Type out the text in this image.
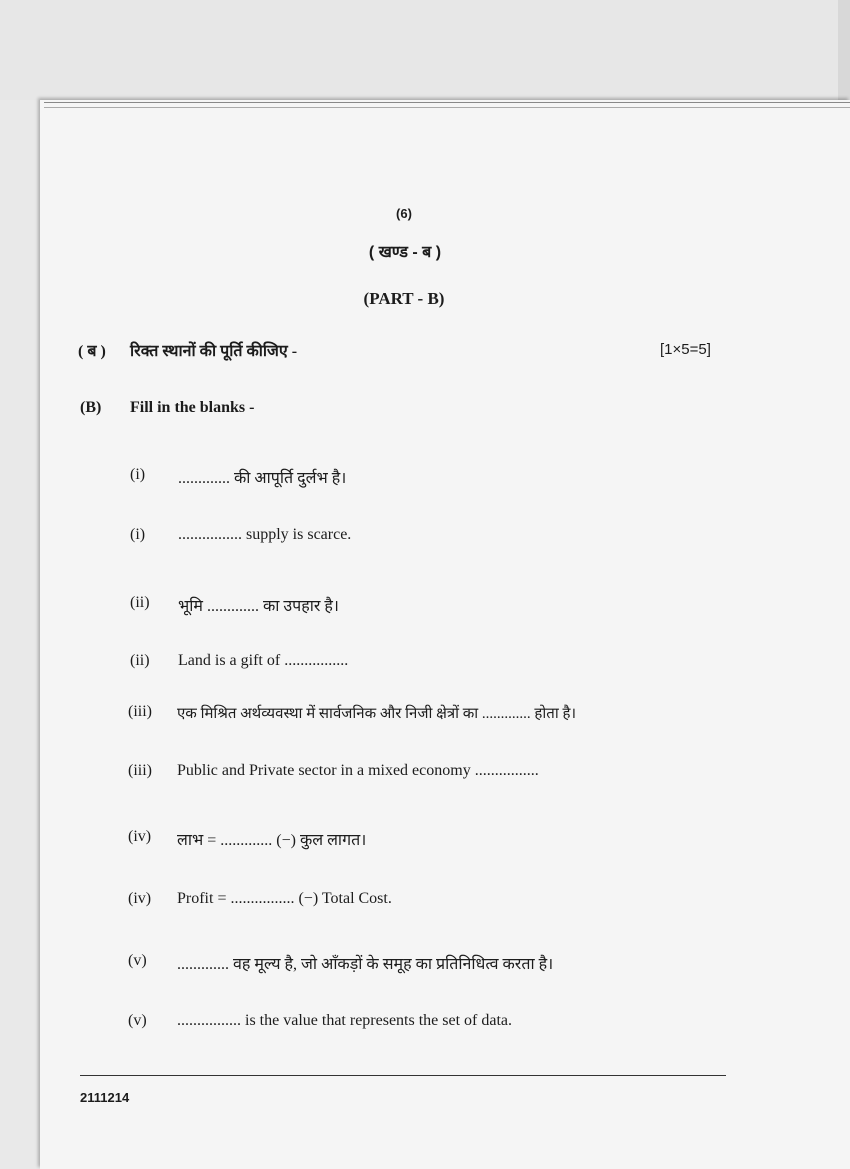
(6)
( खण्ड - ब )
(PART - B)
( ब ) रिक्त स्थानों की पूर्ति कीजिए -	[1×5=5]
(B) Fill in the blanks -
(i) ............. की आपूर्ति दुर्लभ है।
(i) ................ supply is scarce.
(ii) भूमि ............. का उपहार है।
(ii) Land is a gift of ................
(iii) एक मिश्रित अर्थव्यवस्था में सार्वजनिक और निजी क्षेत्रों का ............. होता है।
(iii) Public and Private sector in a mixed economy ................
(iv) लाभ = ............. (−) कुल लागत।
(iv) Profit = ................ (−) Total Cost.
(v) ............. वह मूल्य है, जो आँकड़ों के समूह का प्रतिनिधित्व करता है।
(v) ................ is the value that represents the set of data.
2111214
